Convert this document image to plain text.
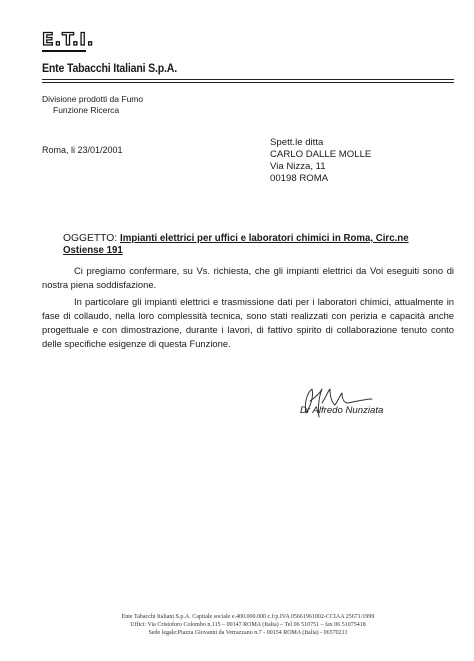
E.T.I.
Ente Tabacchi Italiani S.p.A.
Divisione prodotti da Fumo
Funzione Ricerca
Roma, li 23/01/2001
Spett.le ditta
CARLO DALLE MOLLE
Via Nizza, 11
00198 ROMA
OGGETTO: Impianti elettrici per uffici e laboratori chimici in Roma, Circ.ne Ostiense 191

Ci pregiamo confermare, su Vs. richiesta, che gli impianti elettrici da Voi eseguiti sono di nostra piena soddisfazione.

In particolare gli impianti elettrici e trasmissione dati per i laboratori chimici, attualmente in fase di collaudo, nella loro complessità tecnica, sono stati realizzati con perizia e capacità anche progettuale e con dimostrazione, durante i lavori, di fattivo spirito di collaborazione tenuto conto delle specifiche esigenze di questa Funzione.

Dr Alfredo Nunziata
Ente Tabacchi Italiani S.p.A. Capitale sociale e.400.000.000 c.f/p.IVA 05661961002-CCIAA 25671/1999
Uffici: Via Cristoforo Colombo n.115 – 00147 ROMA (Italia) – Tel 06 510751 – fax 06 51075418
Sede legale:Piazza Giovanni da Verrazzano n.7 - 00154 ROMA (Italia) - 06570211
